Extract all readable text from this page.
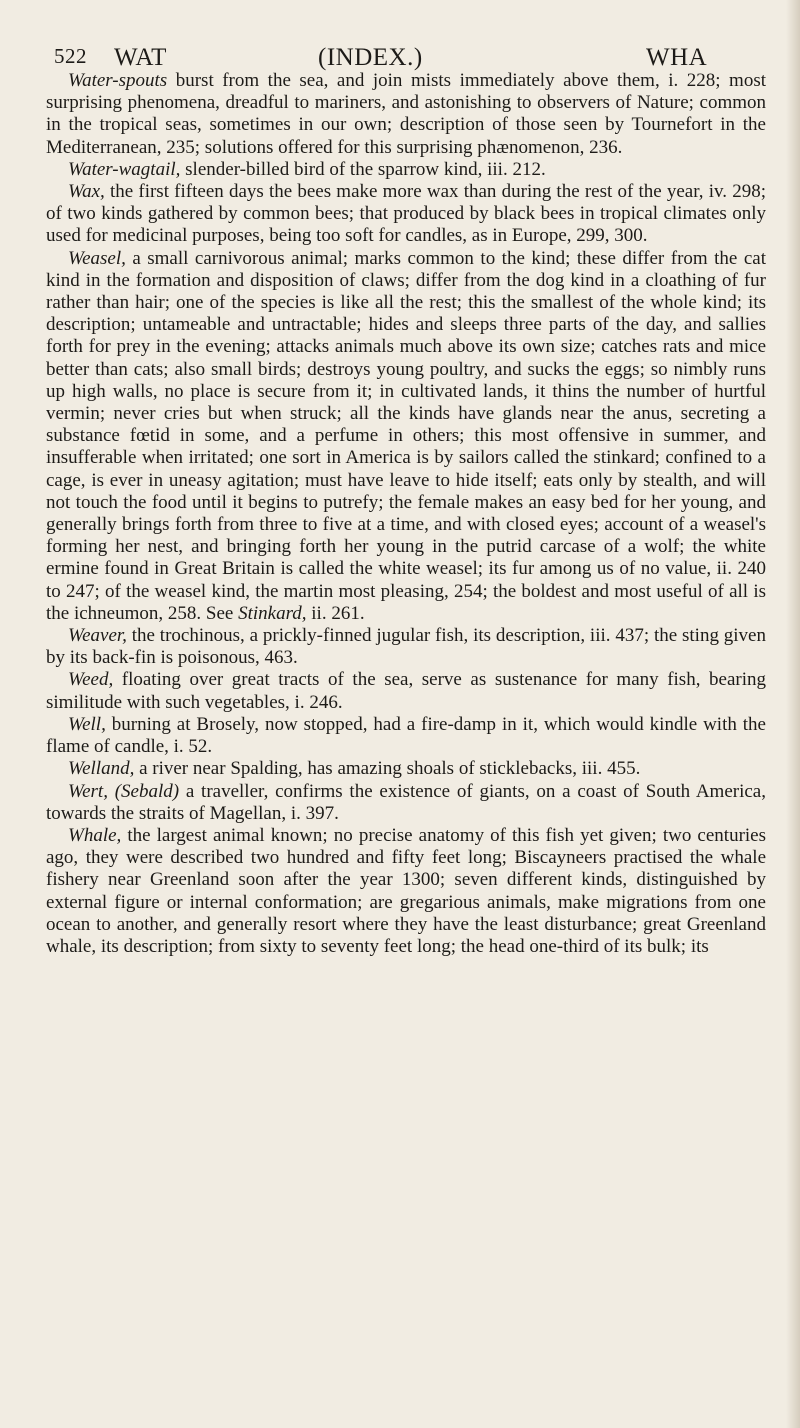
522 WAT	(INDEX.)	WHA

Water-spouts burst from the sea, and join mists immediately above them, i. 228; most surprising phenomena, dreadful to mariners, and astonishing to observers of Nature; common in the tropical seas, sometimes in our own; description of those seen by Tournefort in the Mediterranean, 235; solutions offered for this surprising phænomenon, 236.

Water-wagtail, slender-billed bird of the sparrow kind, iii. 212.

Wax, the first fifteen days the bees make more wax than during the rest of the year, iv. 298; of two kinds gathered by common bees; that produced by black bees in tropical climates only used for medicinal purposes, being too soft for candles, as in Europe, 299, 300.

Weasel, a small carnivorous animal; marks common to the kind; these differ from the cat kind in the formation and disposition of claws; differ from the dog kind in a cloathing of fur rather than hair; one of the species is like all the rest; this the smallest of the whole kind; its description; untameable and untractable; hides and sleeps three parts of the day, and sallies forth for prey in the evening; attacks animals much above its own size; catches rats and mice better than cats; also small birds; destroys young poultry, and sucks the eggs; so nimbly runs up high walls, no place is secure from it; in cultivated lands, it thins the number of hurtful vermin; never cries but when struck; all the kinds have glands near the anus, secreting a substance fœtid in some, and a perfume in others; this most offensive in summer, and insufferable when irritated; one sort in America is by sailors called the stinkard; confined to a cage, is ever in uneasy agitation; must have leave to hide itself; eats only by stealth, and will not touch the food until it begins to putrefy; the female makes an easy bed for her young, and generally brings forth from three to five at a time, and with closed eyes; account of a weasel's forming her nest, and bringing forth her young in the putrid carcase of a wolf; the white ermine found in Great Britain is called the white weasel; its fur among us of no value, ii. 240 to 247; of the weasel kind, the martin most pleasing, 254; the boldest and most useful of all is the ichneumon, 258. See Stinkard, ii. 261.

Weaver, the trochinous, a prickly-finned jugular fish, its description, iii. 437; the sting given by its back-fin is poisonous, 463.

Weed, floating over great tracts of the sea, serve as sustenance for many fish, bearing similitude with such vegetables, i. 246.

Well, burning at Brosely, now stopped, had a fire-damp in it, which would kindle with the flame of candle, i. 52.

Welland, a river near Spalding, has amazing shoals of sticklebacks, iii. 455.

Wert, (Sebald) a traveller, confirms the existence of giants, on a coast of South America, towards the straits of Magellan, i. 397.

Whale, the largest animal known; no precise anatomy of this fish yet given; two centuries ago, they were described two hundred and fifty feet long; Biscayneers practised the whale fishery near Greenland soon after the year 1300; seven different kinds, distinguished by external figure or internal conformation; are gregarious animals, make migrations from one ocean to another, and generally resort where they have the least disturbance; great Greenland whale, its description; from sixty to seventy feet long; the head one-third of its bulk; its
